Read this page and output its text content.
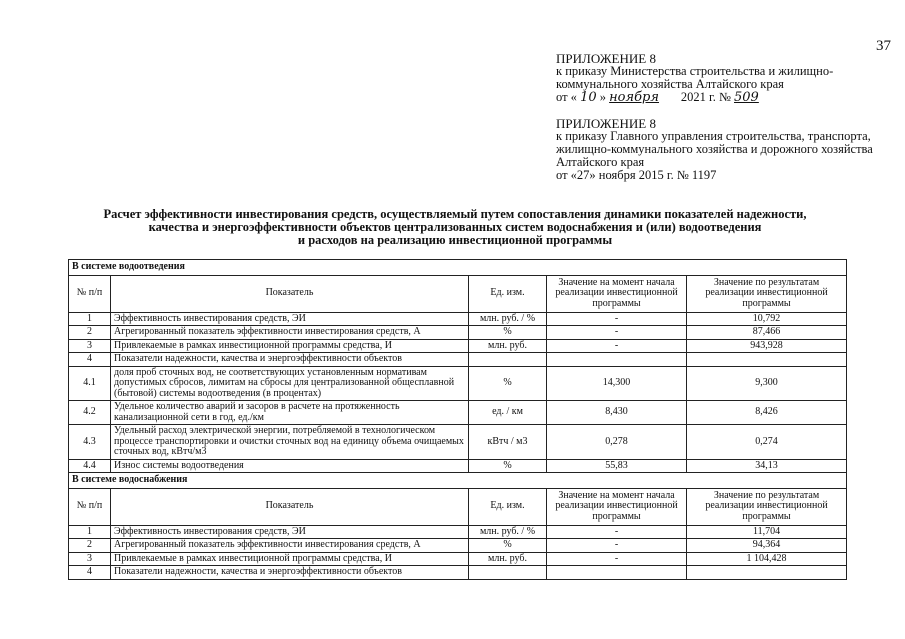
37
ПРИЛОЖЕНИЕ 8
к приказу Министерства строительства и жилищно-
коммунального хозяйства Алтайского края
от « 10 » ноября 2021 г. № 509
ПРИЛОЖЕНИЕ 8
к приказу Главного управления строительства, транспорта,
жилищно-коммунального хозяйства и дорожного хозяйства
Алтайского края
от «27» ноября 2015 г. № 1197
Расчет эффективности инвестирования средств, осуществляемый путем сопоставления динамики показателей надежности,
качества и энергоэффективности объектов централизованных систем водоснабжения и (или) водоотведения
и расходов на реализацию инвестиционной программы
В системе водоотведения				
№ п/п	Показатель	Ед. изм.	Значение на момент начала реализации инвестиционной программы	Значение по результатам реализации инвестиционной программы
1	Эффективность инвестирования средств, ЭИ	млн. руб. / %	-	10,792
2	Агрегированный показатель эффективности инвестирования средств, А	%	-	87,466
3	Привлекаемые в рамках инвестиционной программы средства, И	млн. руб.	-	943,928
4	Показатели надежности, качества и энергоэффективности объектов			
4.1	доля проб сточных вод, не соответствующих установленным нормативам допустимых сбросов, лимитам на сбросы для централизованной общесплавной (бытовой) системы водоотведения (в процентах)	%	14,300	9,300
4.2	Удельное количество аварий и засоров в расчете на протяженность канализационной сети в год, ед./км	ед. / км	8,430	8,426
4.3	Удельный расход электрической энергии, потребляемой в технологическом процессе транспортировки и очистки сточных вод на единицу объема очищаемых сточных вод, кВтч/м3	кВтч / м3	0,278	0,274
4.4	Износ системы водоотведения	%	55,83	34,13
В системе водоснабжения				
№ п/п	Показатель	Ед. изм.	Значение на момент начала реализации инвестиционной программы	Значение по результатам реализации инвестиционной программы
1	Эффективность инвестирования средств, ЭИ	млн. руб. / %	-	11,704
2	Агрегированный показатель эффективности инвестирования средств, А	%	-	94,364
3	Привлекаемые в рамках инвестиционной программы средства, И	млн. руб.	-	1 104,428
4	Показатели надежности, качества и энергоэффективности объектов			
